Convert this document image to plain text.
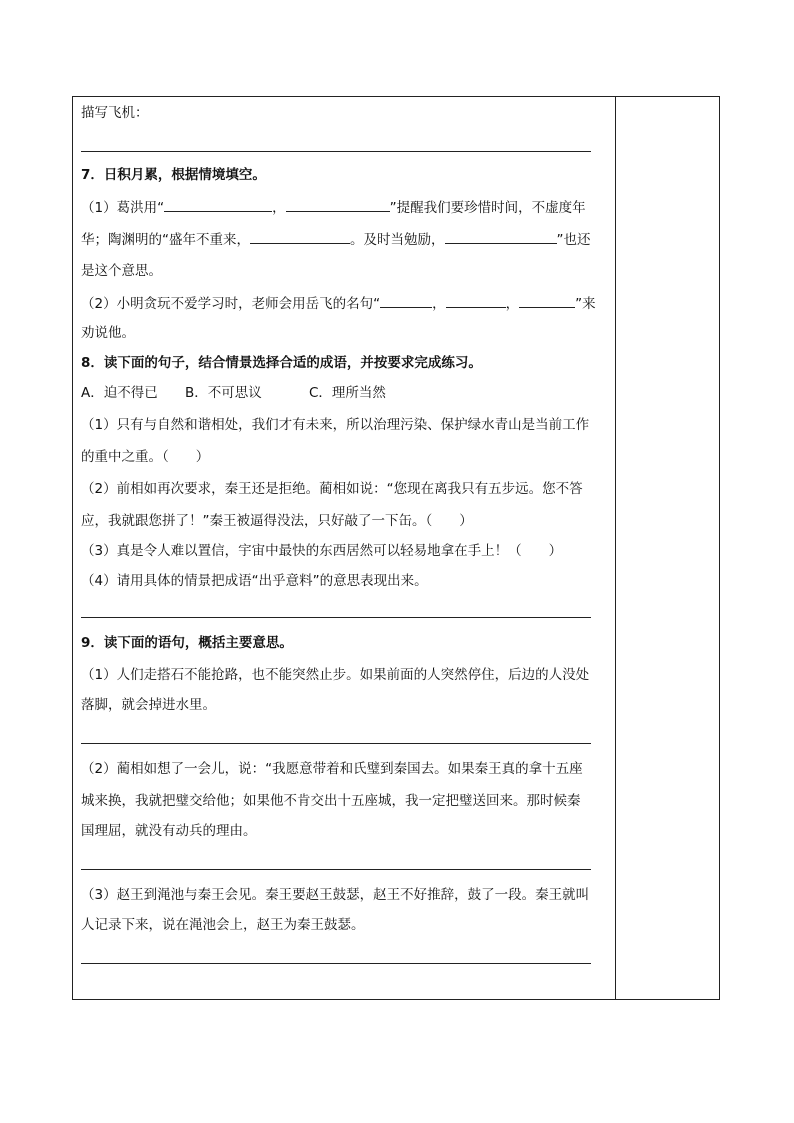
描写飞机：
7．日积月累，根据情境填空。
（1）葛洪用“	，	”提醒我们要珍惜时间，不虚度年
华；陶渊明的“盛年不重来，	。及时当勉励，	”也还
是这个意思。
（2）小明贪玩不爱学习时，老师会用岳飞的名句“	，	，	”来
劝说他。
8．读下面的句子，结合情景选择合适的成语，并按要求完成练习。
A．迫不得已 B．不可思议	C．理所当然
（1）只有与自然和谐相处，我们才有未来，所以治理污染、保护绿水青山是当前工作
的重中之重。（　　）
（2）前相如再次要求，秦王还是拒绝。蔺相如说：“您现在离我只有五步远。您不答
应，我就跟您拼了！”秦王被逼得没法，只好敲了一下缶。（　　）
（3）真是令人难以置信，宇宙中最快的东西居然可以轻易地拿在手上！（　　）
（4）请用具体的情景把成语“出乎意料”的意思表现出来。
9．读下面的语句，概括主要意思。
（1）人们走搭石不能抢路，也不能突然止步。如果前面的人突然停住，后边的人没处
落脚，就会掉进水里。
（2）蔺相如想了一会儿，说：“我愿意带着和氏璧到秦国去。如果秦王真的拿十五座
城来换，我就把璧交给他；如果他不肯交出十五座城，我一定把璧送回来。那时候秦
国理屈，就没有动兵的理由。
（3）赵王到渑池与秦王会见。秦王要赵王鼓瑟，赵王不好推辞，鼓了一段。秦王就叫
人记录下来，说在渑池会上，赵王为秦王鼓瑟。
